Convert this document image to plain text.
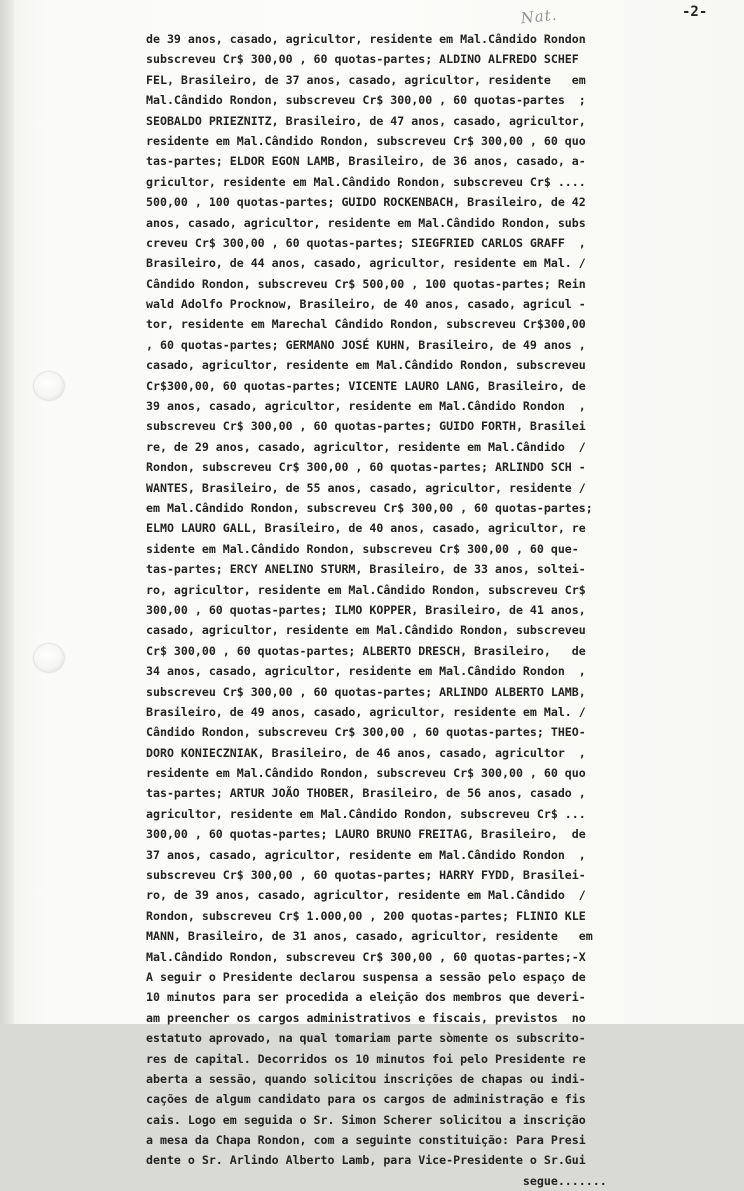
Nat.	-2-
de 39 anos, casado, agricultor, residente em Mal.Cândido Rondon
subscreveu Cr$ 300,00 , 60 quotas-partes; ALDINO ALFREDO SCHEF
FEL, Brasileiro, de 37 anos, casado, agricultor, residente   em
Mal.Cândido Rondon, subscreveu Cr$ 300,00 , 60 quotas-partes  ;
SEOBALDO PRIEZNITZ, Brasileiro, de 47 anos, casado, agricultor,
residente em Mal.Cândido Rondon, subscreveu Cr$ 300,00 , 60 quo
tas-partes; ELDOR EGON LAMB, Brasileiro, de 36 anos, casado, a-
gricultor, residente em Mal.Cândido Rondon, subscreveu Cr$ ....
500,00 , 100 quotas-partes; GUIDO ROCKENBACH, Brasileiro, de 42
anos, casado, agricultor, residente em Mal.Cândido Rondon, subs
creveu Cr$ 300,00 , 60 quotas-partes; SIEGFRIED CARLOS GRAFF  ,
Brasileiro, de 44 anos, casado, agricultor, residente em Mal. /
Cândido Rondon, subscreveu Cr$ 500,00 , 100 quotas-partes; Rein
wald Adolfo Procknow, Brasileiro, de 40 anos, casado, agricul -
tor, residente em Marechal Cândido Rondon, subscreveu Cr$300,00
, 60 quotas-partes; GERMANO JOSÉ KUHN, Brasileiro, de 49 anos ,
casado, agricultor, residente em Mal.Cândido Rondon, subscreveu
Cr$300,00, 60 quotas-partes; VICENTE LAURO LANG, Brasileiro, de
39 anos, casado, agricultor, residente em Mal.Cândido Rondon  ,
subscreveu Cr$ 300,00 , 60 quotas-partes; GUIDO FORTH, Brasilei
re, de 29 anos, casado, agricultor, residente em Mal.Cândido  /
Rondon, subscreveu Cr$ 300,00 , 60 quotas-partes; ARLINDO SCH -
WANTES, Brasileiro, de 55 anos, casado, agricultor, residente /
em Mal.Cândido Rondon, subscreveu Cr$ 300,00 , 60 quotas-partes;
ELMO LAURO GALL, Brasileiro, de 40 anos, casado, agricultor, re
sidente em Mal.Cândido Rondon, subscreveu Cr$ 300,00 , 60 que-
tas-partes; ERCY ANELINO STURM, Brasileiro, de 33 anos, soltei-
ro, agricultor, residente em Mal.Cândido Rondon, subscreveu Cr$
300,00 , 60 quotas-partes; ILMO KOPPER, Brasileiro, de 41 anos,
casado, agricultor, residente em Mal.Cândido Rondon, subscreveu
Cr$ 300,00 , 60 quotas-partes; ALBERTO DRESCH, Brasileiro,   de
34 anos, casado, agricultor, residente em Mal.Cândido Rondon  ,
subscreveu Cr$ 300,00 , 60 quotas-partes; ARLINDO ALBERTO LAMB,
Brasileiro, de 49 anos, casado, agricultor, residente em Mal. /
Cândido Rondon, subscreveu Cr$ 300,00 , 60 quotas-partes; THEO-
DORO KONIECZNIAK, Brasileiro, de 46 anos, casado, agricultor  ,
residente em Mal.Cândido Rondon, subscreveu Cr$ 300,00 , 60 quo
tas-partes; ARTUR JOÃO THOBER, Brasileiro, de 56 anos, casado ,
agricultor, residente em Mal.Cândido Rondon, subscreveu Cr$ ...
300,00 , 60 quotas-partes; LAURO BRUNO FREITAG, Brasileiro,  de
37 anos, casado, agricultor, residente em Mal.Cândido Rondon  ,
subscreveu Cr$ 300,00 , 60 quotas-partes; HARRY FYDD, Brasilei-
ro, de 39 anos, casado, agricultor, residente em Mal.Cândido  /
Rondon, subscreveu Cr$ 1.000,00 , 200 quotas-partes; FLINIO KLE
MANN, Brasileiro, de 31 anos, casado, agricultor, residente   em
Mal.Cândido Rondon, subscreveu Cr$ 300,00 , 60 quotas-partes;-X
A seguir o Presidente declarou suspensa a sessão pelo espaço de
10 minutos para ser procedida a eleição dos membros que deveri-
am preencher os cargos administrativos e fiscais, previstos  no
estatuto aprovado, na qual tomariam parte sòmente os subscrito-
res de capital. Decorridos os 10 minutos foi pelo Presidente re
aberta a sessão, quando solicitou inscrições de chapas ou indi-
cações de algum candidato para os cargos de administração e fis
cais. Logo em seguida o Sr. Simon Scherer solicitou a inscrição
a mesa da Chapa Rondon, com a seguinte constituição: Para Presi
dente o Sr. Arlindo Alberto Lamb, para Vice-Presidente o Sr.Gui
segue.......
